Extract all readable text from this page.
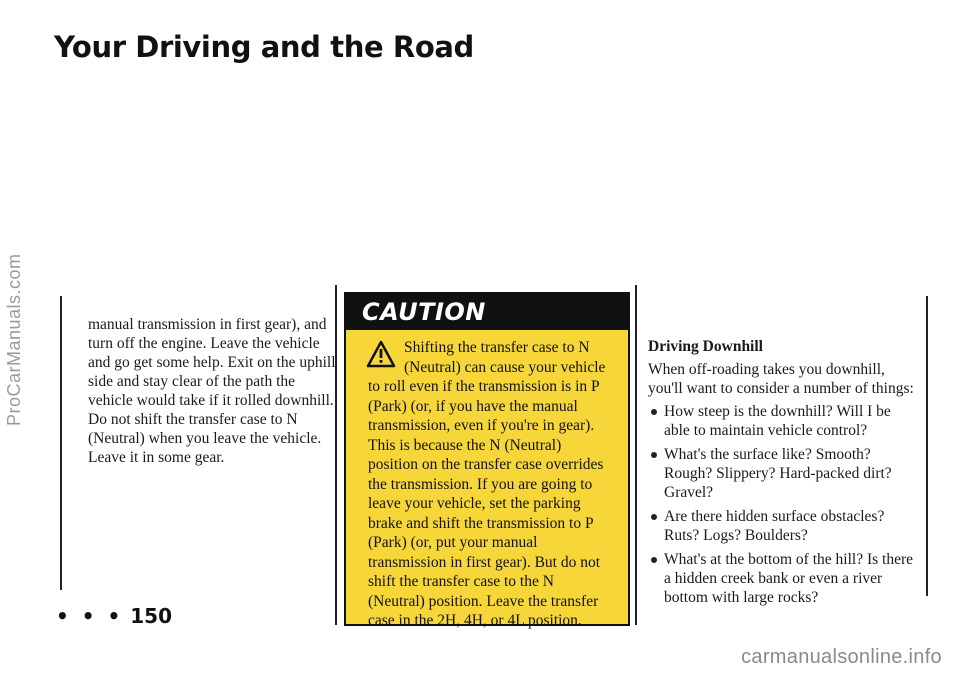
ProCarManuals.com
Your Driving and the Road
manual transmission in first gear), and turn off the engine. Leave the vehicle and go get some help. Exit on the uphill side and stay clear of the path the vehicle would take if it rolled downhill. Do not shift the transfer case to N (Neutral) when you leave the vehicle. Leave it in some gear.
CAUTION
Shifting the transfer case to N (Neutral) can cause your vehicle to roll even if the transmission is in P (Park) (or, if you have the manual transmission, even if you're in gear). This is because the N (Neutral) position on the transfer case overrides the transmission. If you are going to leave your vehicle, set the parking brake and shift the transmission to P (Park) (or, put your manual transmission in first gear). But do not shift the transfer case to the N (Neutral) position. Leave the transfer case in the 2H, 4H, or 4L position.
Driving Downhill

When off-roading takes you downhill, you'll want to consider a number of things:

How steep is the downhill? Will I be able to maintain vehicle control?
What's the surface like? Smooth? Rough? Slippery? Hard-packed dirt? Gravel?
Are there hidden surface obstacles? Ruts? Logs? Boulders?
What's at the bottom of the hill? Is there a hidden creek bank or even a river bottom with large rocks?
• • • 150
carmanualsonline.info
